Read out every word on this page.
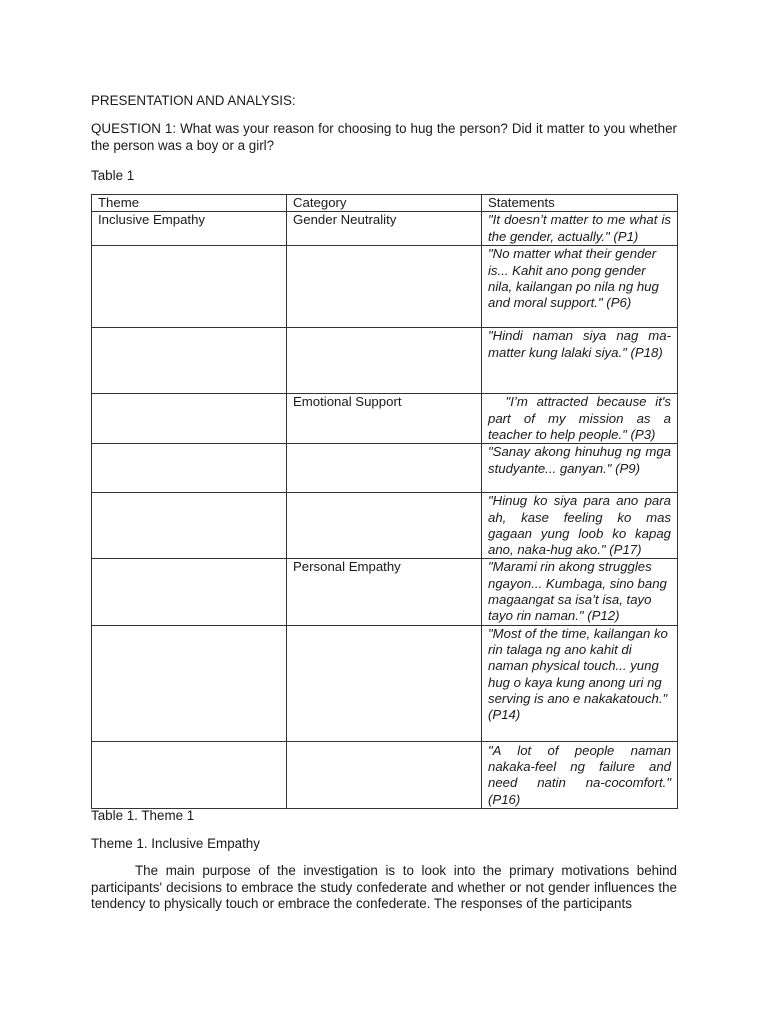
PRESENTATION AND ANALYSIS:
QUESTION 1: What was your reason for choosing to hug the person? Did it matter to you whether the person was a boy or a girl?
Table 1
Theme	Category	Statements
Inclusive Empathy	Gender Neutrality	"It doesn’t matter to me what is the gender, actually." (P1)
		"No matter what their gender is... Kahit ano pong gender nila, kailangan po nila ng hug and moral support." (P6)
		"Hindi naman siya nag ma-matter kung lalaki siya." (P18)
	Emotional Support	"I’m attracted because it's part of my mission as a teacher to help people." (P3)
		"Sanay akong hinuhug ng mga studyante... ganyan." (P9)
		"Hinug ko siya para ano para ah, kase feeling ko mas gagaan yung loob ko kapag ano, naka-hug ako." (P17)
	Personal Empathy	"Marami rin akong struggles ngayon... Kumbaga, sino bang magaangat sa isa’t isa, tayo tayo rin naman." (P12)
		"Most of the time, kailangan ko rin talaga ng ano kahit di naman physical touch... yung hug o kaya kung anong uri ng serving is ano e nakakatouch." (P14)
		"A lot of people naman nakaka-feel ng failure and need natin na-cocomfort." (P16)
Table 1. Theme 1
Theme 1. Inclusive Empathy
The main purpose of the investigation is to look into the primary motivations behind participants' decisions to embrace the study confederate and whether or not gender influences the tendency to physically touch or embrace the confederate. The responses of the participants
